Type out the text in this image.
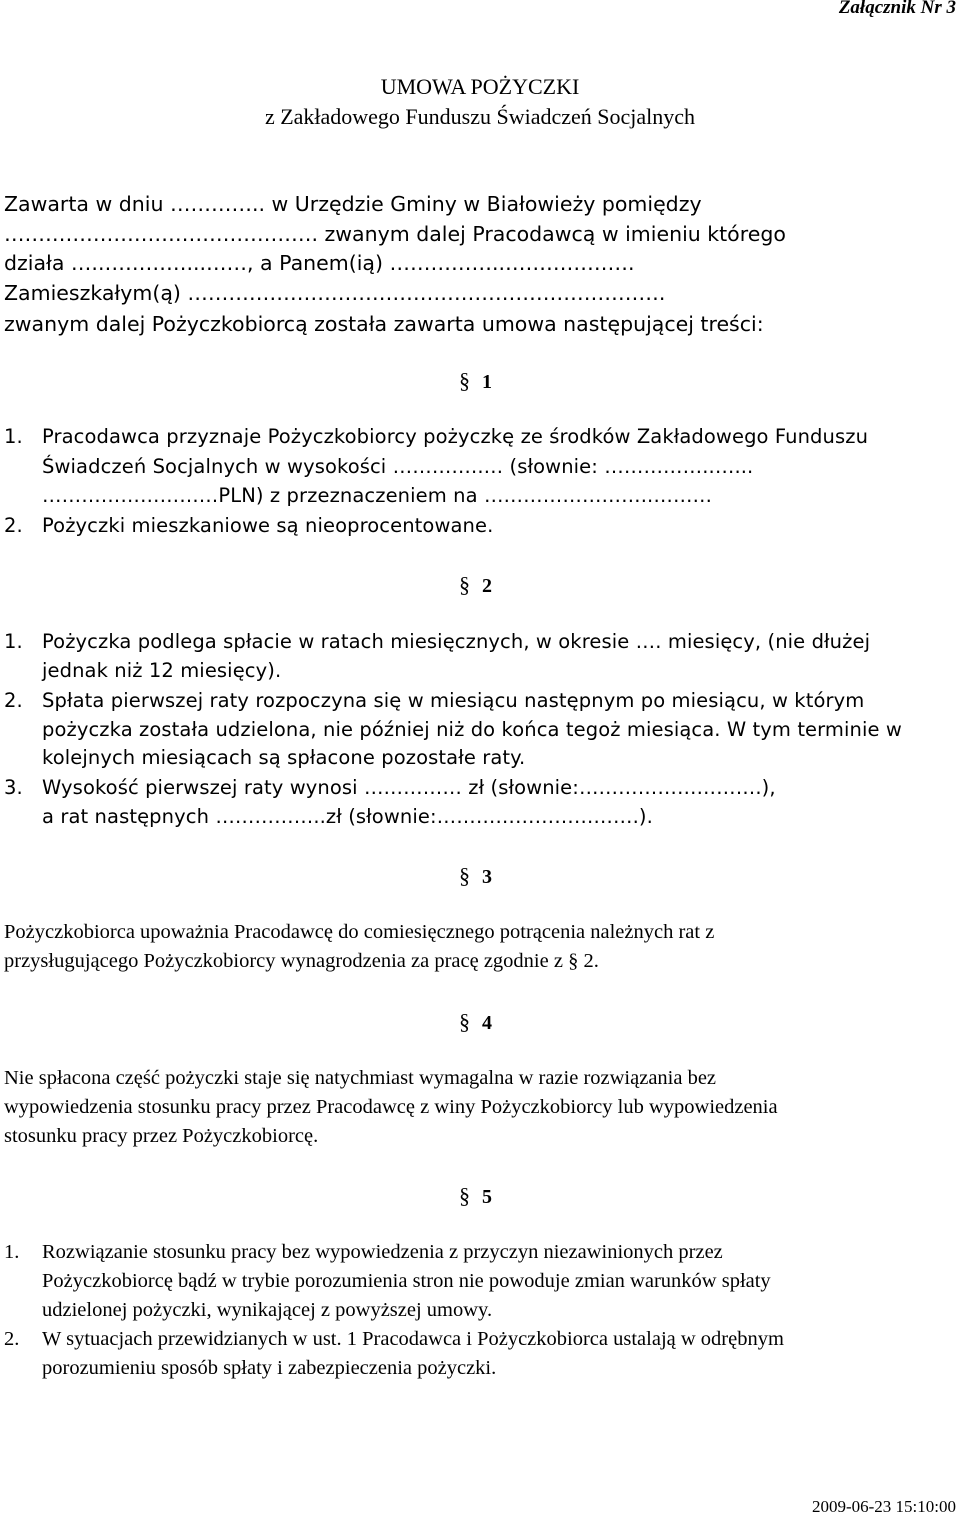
Załącznik Nr 3
UMOWA POŻYCZKI
z Zakładowego Funduszu Świadczeń Socjalnych
Zawarta w dniu ………….. w Urzędzie Gminy w Białowieży pomiędzy
………………………………………. zwanym dalej Pracodawcą w imieniu którego
działa …..…………...……, a Panem(ią) ……………..……………….
Zamieszkałym(ą) …………………………………………………………….
zwanym dalej Pożyczkobiorcą została zawarta umowa następującej treści:
§ 1
1. Pracodawca przyznaje Pożyczkobiorcy pożyczkę ze środków Zakładowego Funduszu
Świadczeń Socjalnych w wysokości …………..… (słownie: ……………..…...
………………………PLN) z przeznaczeniem na ……………………..………
2. Pożyczki mieszkaniowe są nieoprocentowane.
§ 2
1. Pożyczka podlega spłacie w ratach miesięcznych, w okresie …. miesięcy, (nie dłużej
jednak niż 12 miesięcy).
2. Spłata pierwszej raty rozpoczyna się w miesiącu następnym po miesiącu, w którym
pożyczka została udzielona, nie później niż do końca tegoż miesiąca. W tym terminie w
kolejnych miesiącach są spłacone pozostałe raty.
3. Wysokość pierwszej raty wynosi …………… zł (słownie:……………………….),
a rat następnych ……………..zł (słownie:………………………….).
§ 3
Pożyczkobiorca upoważnia Pracodawcę do comiesięcznego potrącenia należnych rat z
przysługującego Pożyczkobiorcy wynagrodzenia za pracę zgodnie z § 2.
§ 4
Nie spłacona część pożyczki staje się natychmiast wymagalna w razie rozwiązania bez
wypowiedzenia stosunku pracy przez Pracodawcę z winy Pożyczkobiorcy lub wypowiedzenia
stosunku pracy przez Pożyczkobiorcę.
§ 5
1. Rozwiązanie stosunku pracy bez wypowiedzenia z przyczyn niezawinionych przez
Pożyczkobiorcę bądź w trybie porozumienia stron nie powoduje zmian warunków spłaty
udzielonej pożyczki, wynikającej z powyższej umowy.
2. W sytuacjach przewidzianych w ust. 1 Pracodawca i Pożyczkobiorca ustalają w odrębnym
porozumieniu sposób spłaty i zabezpieczenia pożyczki.
2009-06-23 15:10:00
